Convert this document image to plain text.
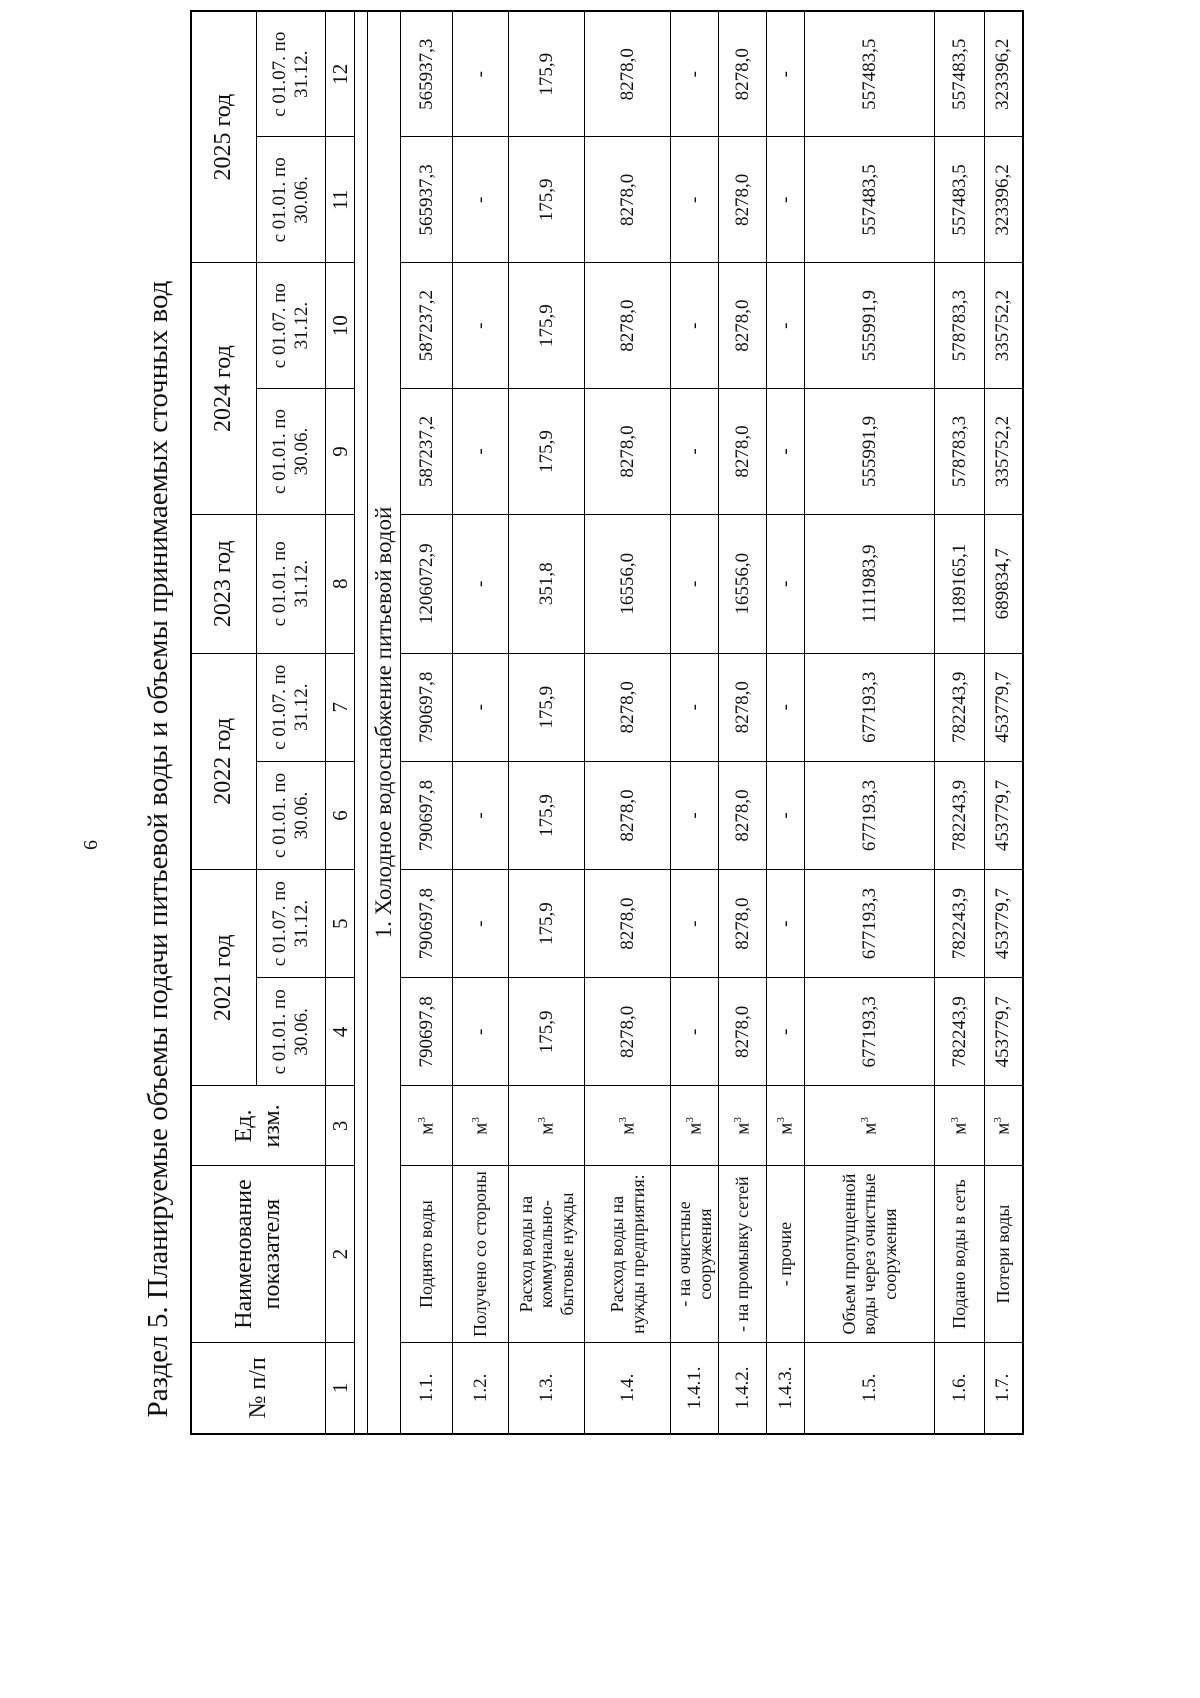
6 Раздел 5. Планируемые объемы подачи питьевой воды и объемы принимаемых сточных вод	№ п/п	Наименование показателя	Ед. изм.	2021 год		2022 год		2023 год	2024 год		2025 год	
			с 01.01. по 30.06.	с 01.07. по 31.12.	с 01.01. по 30.06.	с 01.07. по 31.12.	с 01.01. по 31.12.	с 01.01. по 30.06.	с 01.07. по 31.12.	с 01.01. по 30.06.	с 01.07. по 31.12.
1	2	3	4	5	6	7	8	9	10	11	12

1. Холодное водоснабжение питьевой водой											
1.1.	Поднято воды	$м^3$	790697,8	790697,8	790697,8	790697,8	1206072,9	587237,2	587237,2	565937,3	565937,3
1.2.	Получено со стороны	$м^3$	-	-	-	-	-	-	-	-	-
1.3.	Расход воды на коммунально-бытовые нужды	$м^3$	175,9	175,9	175,9	175,9	351,8	175,9	175,9	175,9	175,9
1.4.	Расход воды на нужды предприятия:	$м^3$	8278,0	8278,0	8278,0	8278,0	16556,0	8278,0	8278,0	8278,0	8278,0
1.4.1.	- на очистные сооружения	$м^3$	-	-	-	-	-	-	-	-	-
1.4.2.	- на промывку сетей	$м^3$	8278,0	8278,0	8278,0	8278,0	16556,0	8278,0	8278,0	8278,0	8278,0
1.4.3.	- прочие	$м^3$	-	-	-	-	-	-	-	-	-
1.5.	Объем пропущенной воды через очистные сооружения	$м^3$	677193,3	677193,3	677193,3	677193,3	1111983,9	555991,9	555991,9	557483,5	557483,5
1.6.	Подано воды в сеть	$м^3$	782243,9	782243,9	782243,9	782243,9	1189165,1	578783,3	578783,3	557483,5	557483,5
1.7.	Потери воды	$м^3$	453779,7	453779,7	453779,7	453779,7	689834,7	335752,2	335752,2	323396,2	323396,2
